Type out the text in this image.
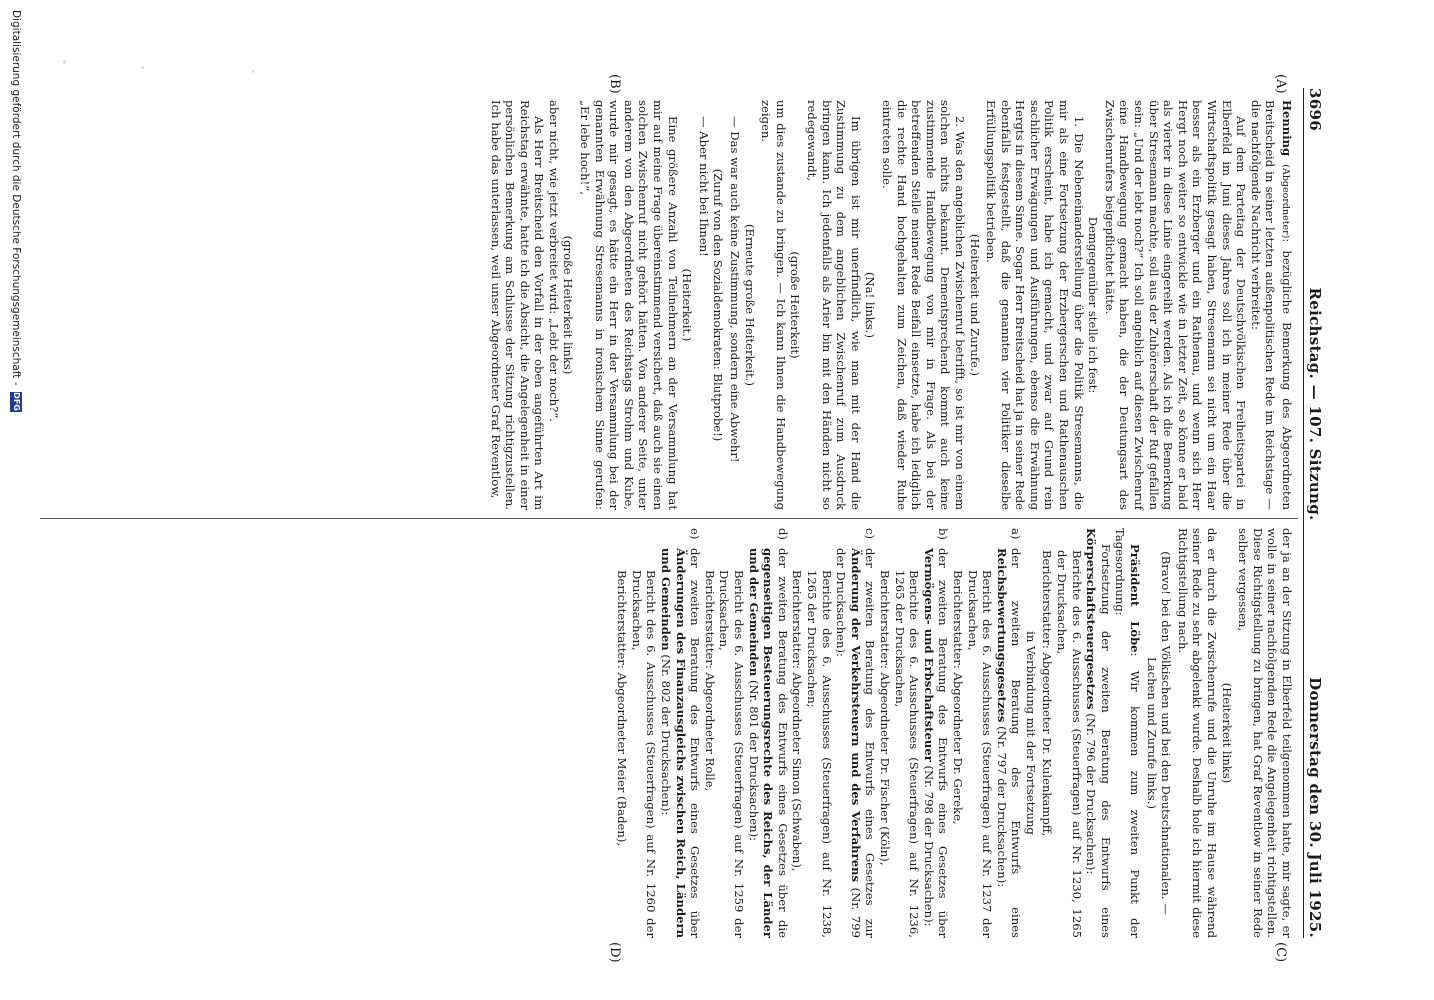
3696
Reichstag. — 107. Sitzung.
Donnerstag den 30. Juli 1925.
(A)
(B)
(C)
(D)

Henning (Abgeordneter): bezügliche Bemerkung des Abgeordneten Breitscheid in seiner letzten außenpolitischen Rede im Reichstage — die nachfolgende Nachricht verbreitet:

Auf dem Parteitag der Deutschvölkischen Freiheitspartei in Elberfeld im Juni dieses Jahres soll ich in meiner Rede über die Wirtschaftspolitik gesagt haben, Stresemann sei nicht um ein Haar besser als ein Erzberger und ein Rathenau, und wenn sich Herr Hergt noch weiter so entwickle wie in letzter Zeit, so könne er bald als vierter in diese Linie eingereiht werden. Als ich die Bemerkung über Stresemann machte, soll aus der Zuhörerschaft der Ruf gefallen sein: „Und der lebt noch?“ Ich soll angeblich auf diesen Zwischenruf eine Handbewegung gemacht haben, die der Deutungsart des Zwischenrufers beigepflichtet hätte.

Demgegenüber stelle ich fest:

1. Die Nebeneinanderstellung über die Politik Stresemanns, die mir als eine Fortsetzung der Erzbergerschen und Rathenauschen Politik erscheint, habe ich gemacht, und zwar auf Grund rein sachlicher Erwägungen und Ausführungen, ebenso die Erwähnung Hergts in diesem Sinne. Sogar Herr Breitscheid hat ja in seiner Rede ebenfalls festgestellt, daß die genannten vier Politiker dieselbe Erfüllungspolitik betrieben.

(Heiterkeit und Zurufe.)

2. Was den angeblichen Zwischenruf betrifft, so ist mir von einem solchen nichts bekannt. Dementsprechend kommt auch keine zustimmende Handbewegung von mir in Frage. Als bei der betreffenden Stelle meiner Rede Beifall einsetzte, habe ich lediglich die rechte Hand hochgehalten zum Zeichen, daß wieder Ruhe eintreten solle.

(Na! links.)

Im übrigen ist mir unerfindlich, wie man mit der Hand die Zustimmung zu dem angeblichen Zwischenruf zum Ausdruck bringen kann. Ich jedenfalls als Arier bin mit den Händen nicht so redegewandt,

(große Heiterkeit)

um dies zustande zu bringen. — Ich kann Ihnen die Handbewegung zeigen.

(Erneute große Heiterkeit.)

— Das war auch keine Zustimmung, sondern eine Abwehr!

(Zuruf von den Sozialdemokraten: Blutprobe!)

— Aber nicht bei Ihnen!

(Heiterkeit.)

Eine größere Anzahl von Teilnehmern an der Versammlung hat mir auf meine Frage übereinstimmend versichert, daß auch sie einen solchen Zwischenruf nicht gehört hätten. Von anderer Seite, unter anderem von den Abgeordneten des Reichstags Strohm und Kube, wurde mir gesagt, es hätte ein Herr in der Versammlung bei der genannten Erwähnung Stresemanns in ironischem Sinne gerufen: „Er lebe hoch!“,

(große Heiterkeit links)

aber nicht, wie jetzt verbreitet wird: „Lebt der noch?“.

Als Herr Breitscheid den Vorfall in der oben angeführten Art im Reichstag erwähnte, hatte ich die Absicht, die Angelegenheit in einer persönlichen Bemerkung am Schlusse der Sitzung richtigzustellen. Ich habe das unterlassen, weil unser Abgeordneter Graf Reventlow,

der ja an der Sitzung in Elberfeld teilgenommen hatte, mir sagte, er wolle in seiner nachfolgenden Rede die Angelegenheit richtigstellen. Diese Richtigstellung zu bringen, hat Graf Reventlow in seiner Rede selber vergessen,

(Heiterkeit links)

da er durch die Zwischenrufe und die Unruhe im Hause während seiner Rede zu sehr abgelenkt wurde. Deshalb hole ich hiermit diese Richtigstellung nach.

(Bravo! bei den Völkischen und bei den Deutschnationalen. — Lachen und Zurufe links.)

Präsident Löbe: Wir kommen zum zweiten Punkt der Tagesordnung:

Fortsetzung der zweiten Beratung des Entwurfs eines Körperschaftsteuergesetzes (Nr. 796 der Drucksachen):

Berichte des 6. Ausschusses (Steuerfragen) auf Nr. 1230, 1265 der Drucksachen,

Berichterstatter: Abgeordneter Dr. Kulenkampff,

in Verbindung mit der Fortsetzung

a)

der zweiten Beratung des Entwurfs eines Reichsbewertungsgesetzes (Nr. 797 der Drucksachen):

Bericht des 6. Ausschusses (Steuerfragen) auf Nr. 1237 der Drucksachen,

Berichterstatter: Abgeordneter Dr. Gereke,

b)

der zweiten Beratung des Entwurfs eines Gesetzes über Vermögens- und Erbschaftsteuer (Nr. 798 der Drucksachen):

Berichte des 6. Ausschusses (Steuerfragen) auf Nr. 1236, 1265 der Drucksachen,

Berichterstatter: Abgeordneter Dr. Fischer (Köln),

c)

der zweiten Beratung des Entwurfs eines Gesetzes zur Änderung der Verkehrsteuern und des Verfahrens (Nr. 799 der Drucksachen):

Berichte des 6. Ausschusses (Steuerfragen) auf Nr. 1238, 1265 der Drucksachen;

Berichterstatter: Abgeordneter Simon (Schwaben),

d)

der zweiten Beratung des Entwurfs eines Gesetzes über die gegenseitigen Besteuerungsrechte des Reichs, der Länder und der Gemeinden (Nr. 801 der Drucksachen):

Bericht des 6. Ausschusses (Steuerfragen) auf Nr. 1259 der Drucksachen,

Berichterstatter: Abgeordneter Rolle,

e)

der zweiten Beratung des Entwurfs eines Gesetzes über Änderungen des Finanzausgleichs zwischen Reich, Ländern und Gemeinden (Nr. 802 der Drucksachen):

Bericht des 6. Ausschusses (Steuerfragen) auf Nr. 1260 der Drucksachen,

Berichterstatter: Abgeordneter Meier (Baden),

Digitalisierung gefördert durch die Deutsche Forschungsgemeinschaft -
DFG
